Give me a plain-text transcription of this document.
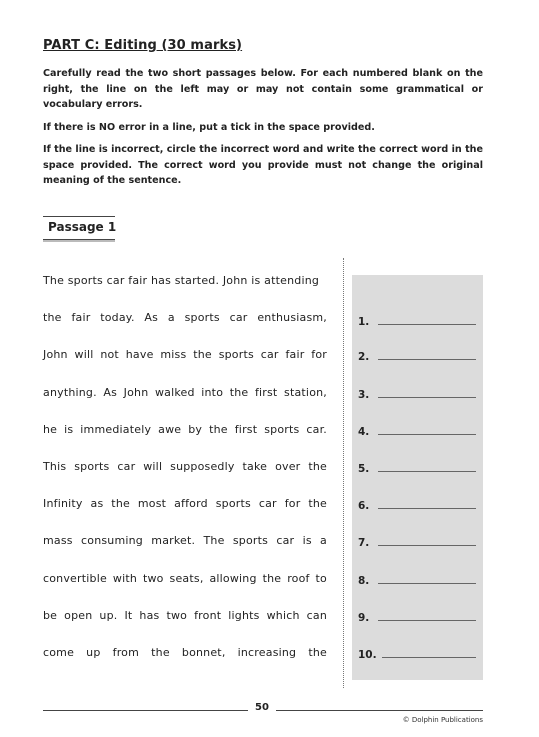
PART C: Editing (30 marks)

Carefully read the two short passages below. For each numbered blank on the right, the line on the left may or may not contain some grammatical or vocabulary errors.

If there is NO error in a line, put a tick in the space provided.

If the line is incorrect, circle the incorrect word and write the correct word in the space provided. The correct word you provide must not change the original meaning of the sentence.

Passage 1
The sports car fair has started. John is attending
the fair today. As a sports car enthusiasm,
John will not have miss the sports car fair for
anything. As John walked into the first station,
he is immediately awe by the first sports car.
This sports car will supposedly take over the
Infinity as the most afford sports car for the
mass consuming market. The sports car is a
convertible with two seats, allowing the roof to
be open up. It has two front lights which can
come up from the bonnet, increasing the
1.
2.
3.
4.
5.
6.
7.
8.
9.
10.
50
© Dolphin Publications
